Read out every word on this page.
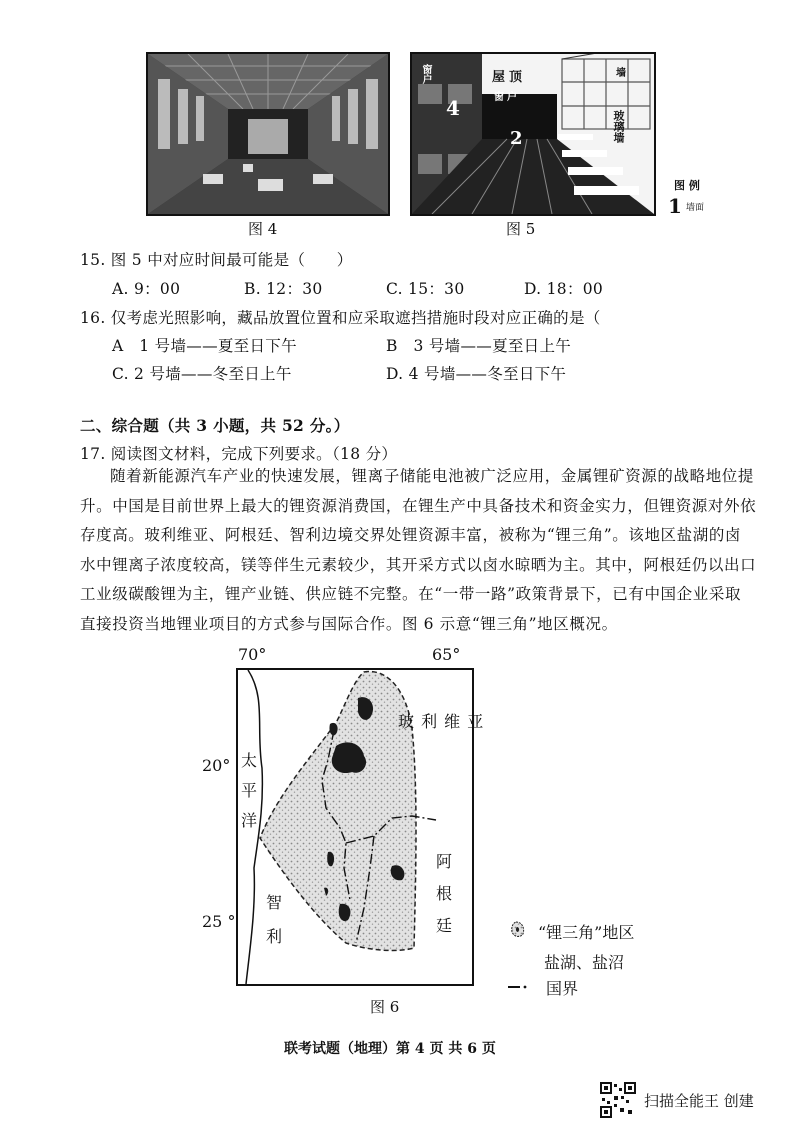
图 4
窗户	屋顶
窗户
4
2	玻璃墙
墙
图 5
图 例
1 墙面
15. 图 5 中对应时间最可能是（　　）
A. 9：00	B. 12：30	C. 15：30	D. 18：00
16. 仅考虑光照影响，藏品放置位置和应采取遮挡措施时段对应正确的是（
A　1 号墙——夏至日下午	B　3 号墙——夏至日上午
C. 2 号墙——冬至日上午	D. 4 号墙——冬至日下午
二、综合题（共 3 小题，共 52 分。）
17. 阅读图文材料，完成下列要求。（18 分）
随着新能源汽车产业的快速发展，锂离子储能电池被广泛应用，金属锂矿资源的战略地位提
升。中国是目前世界上最大的锂资源消费国，在锂生产中具备技术和资金实力，但锂资源对外依
存度高。玻利维亚、阿根廷、智利边境交界处锂资源丰富，被称为“锂三角”。该地区盐湖的卤
水中锂离子浓度较高，镁等伴生元素较少，其开采方式以卤水晾晒为主。其中，阿根廷仍以出口
工业级碳酸锂为主，锂产业链、供应链不完整。在“一带一路”政策背景下，已有中国企业采取
直接投资当地锂业项目的方式参与国际合作。图 6 示意“锂三角”地区概况。
70°	65°
20°
25 °
玻 利 维 亚
太
平
洋
阿
根
廷
智
利
图 6
“锂三角”地区
盐湖、盐沼
国界
联考试题（地理）第 4 页 共 6 页
扫描全能王 创建
